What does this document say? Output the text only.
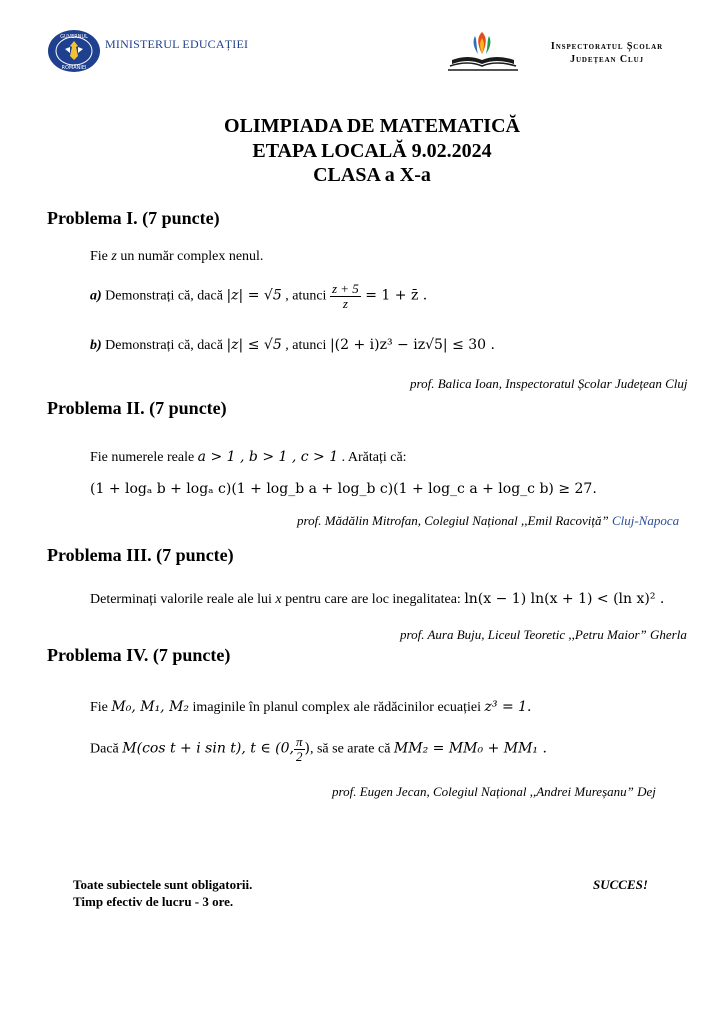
GUVERNUL
ROMÂNIEI
MINISTERUL EDUCAȚIEI	Inspectoratul Școlar
Județean Cluj
OLIMPIADA DE MATEMATICĂ
ETAPA LOCALĂ 9.02.2024
CLASA a X-a
Problema I. (7 puncte)
Fie z un număr complex nenul.
a) Demonstrați că, dacă |z| = √5 , atunci $\frac{z + 5}{z} = 1$ + z̄ .
b) Demonstrați că, dacă |z| ≤ √5 , atunci |(2 + i)z³ − iz√5| ≤ 30 .
prof. Balica Ioan, Inspectoratul Școlar Județean Cluj
Problema II. (7 puncte)
Fie numerele reale a > 1 , b > 1 , c > 1 . Arătați că:
(1 + logₐ b + logₐ c)(1 + log_b a + log_b c)(1 + log_c a + log_c b) ≥ 27.
prof. Mădălin Mitrofan, Colegiul Național ,,Emil Racoviță” Cluj-Napoca
Problema III. (7 puncte)
Determinați valorile reale ale lui x pentru care are loc inegalitatea: ln(x − 1) ln(x + 1) < (ln x)² .
prof. Aura Buju, Liceul Teoretic ,,Petru Maior” Gherla
Problema IV. (7 puncte)
Fie M₀, M₁, M₂ imaginile în planul complex ale rădăcinilor ecuației z³ = 1.
Dacă M(cos t + i sin t), t ∈ (0, $\frac{\pi}{2}$ ), să se arate că MM₂ = MM₀ + MM₁ .
prof. Eugen Jecan, Colegiul Național ,,Andrei Mureșanu” Dej
Toate subiectele sunt obligatorii.
Timp efectiv de lucru - 3 ore.
SUCCES!
